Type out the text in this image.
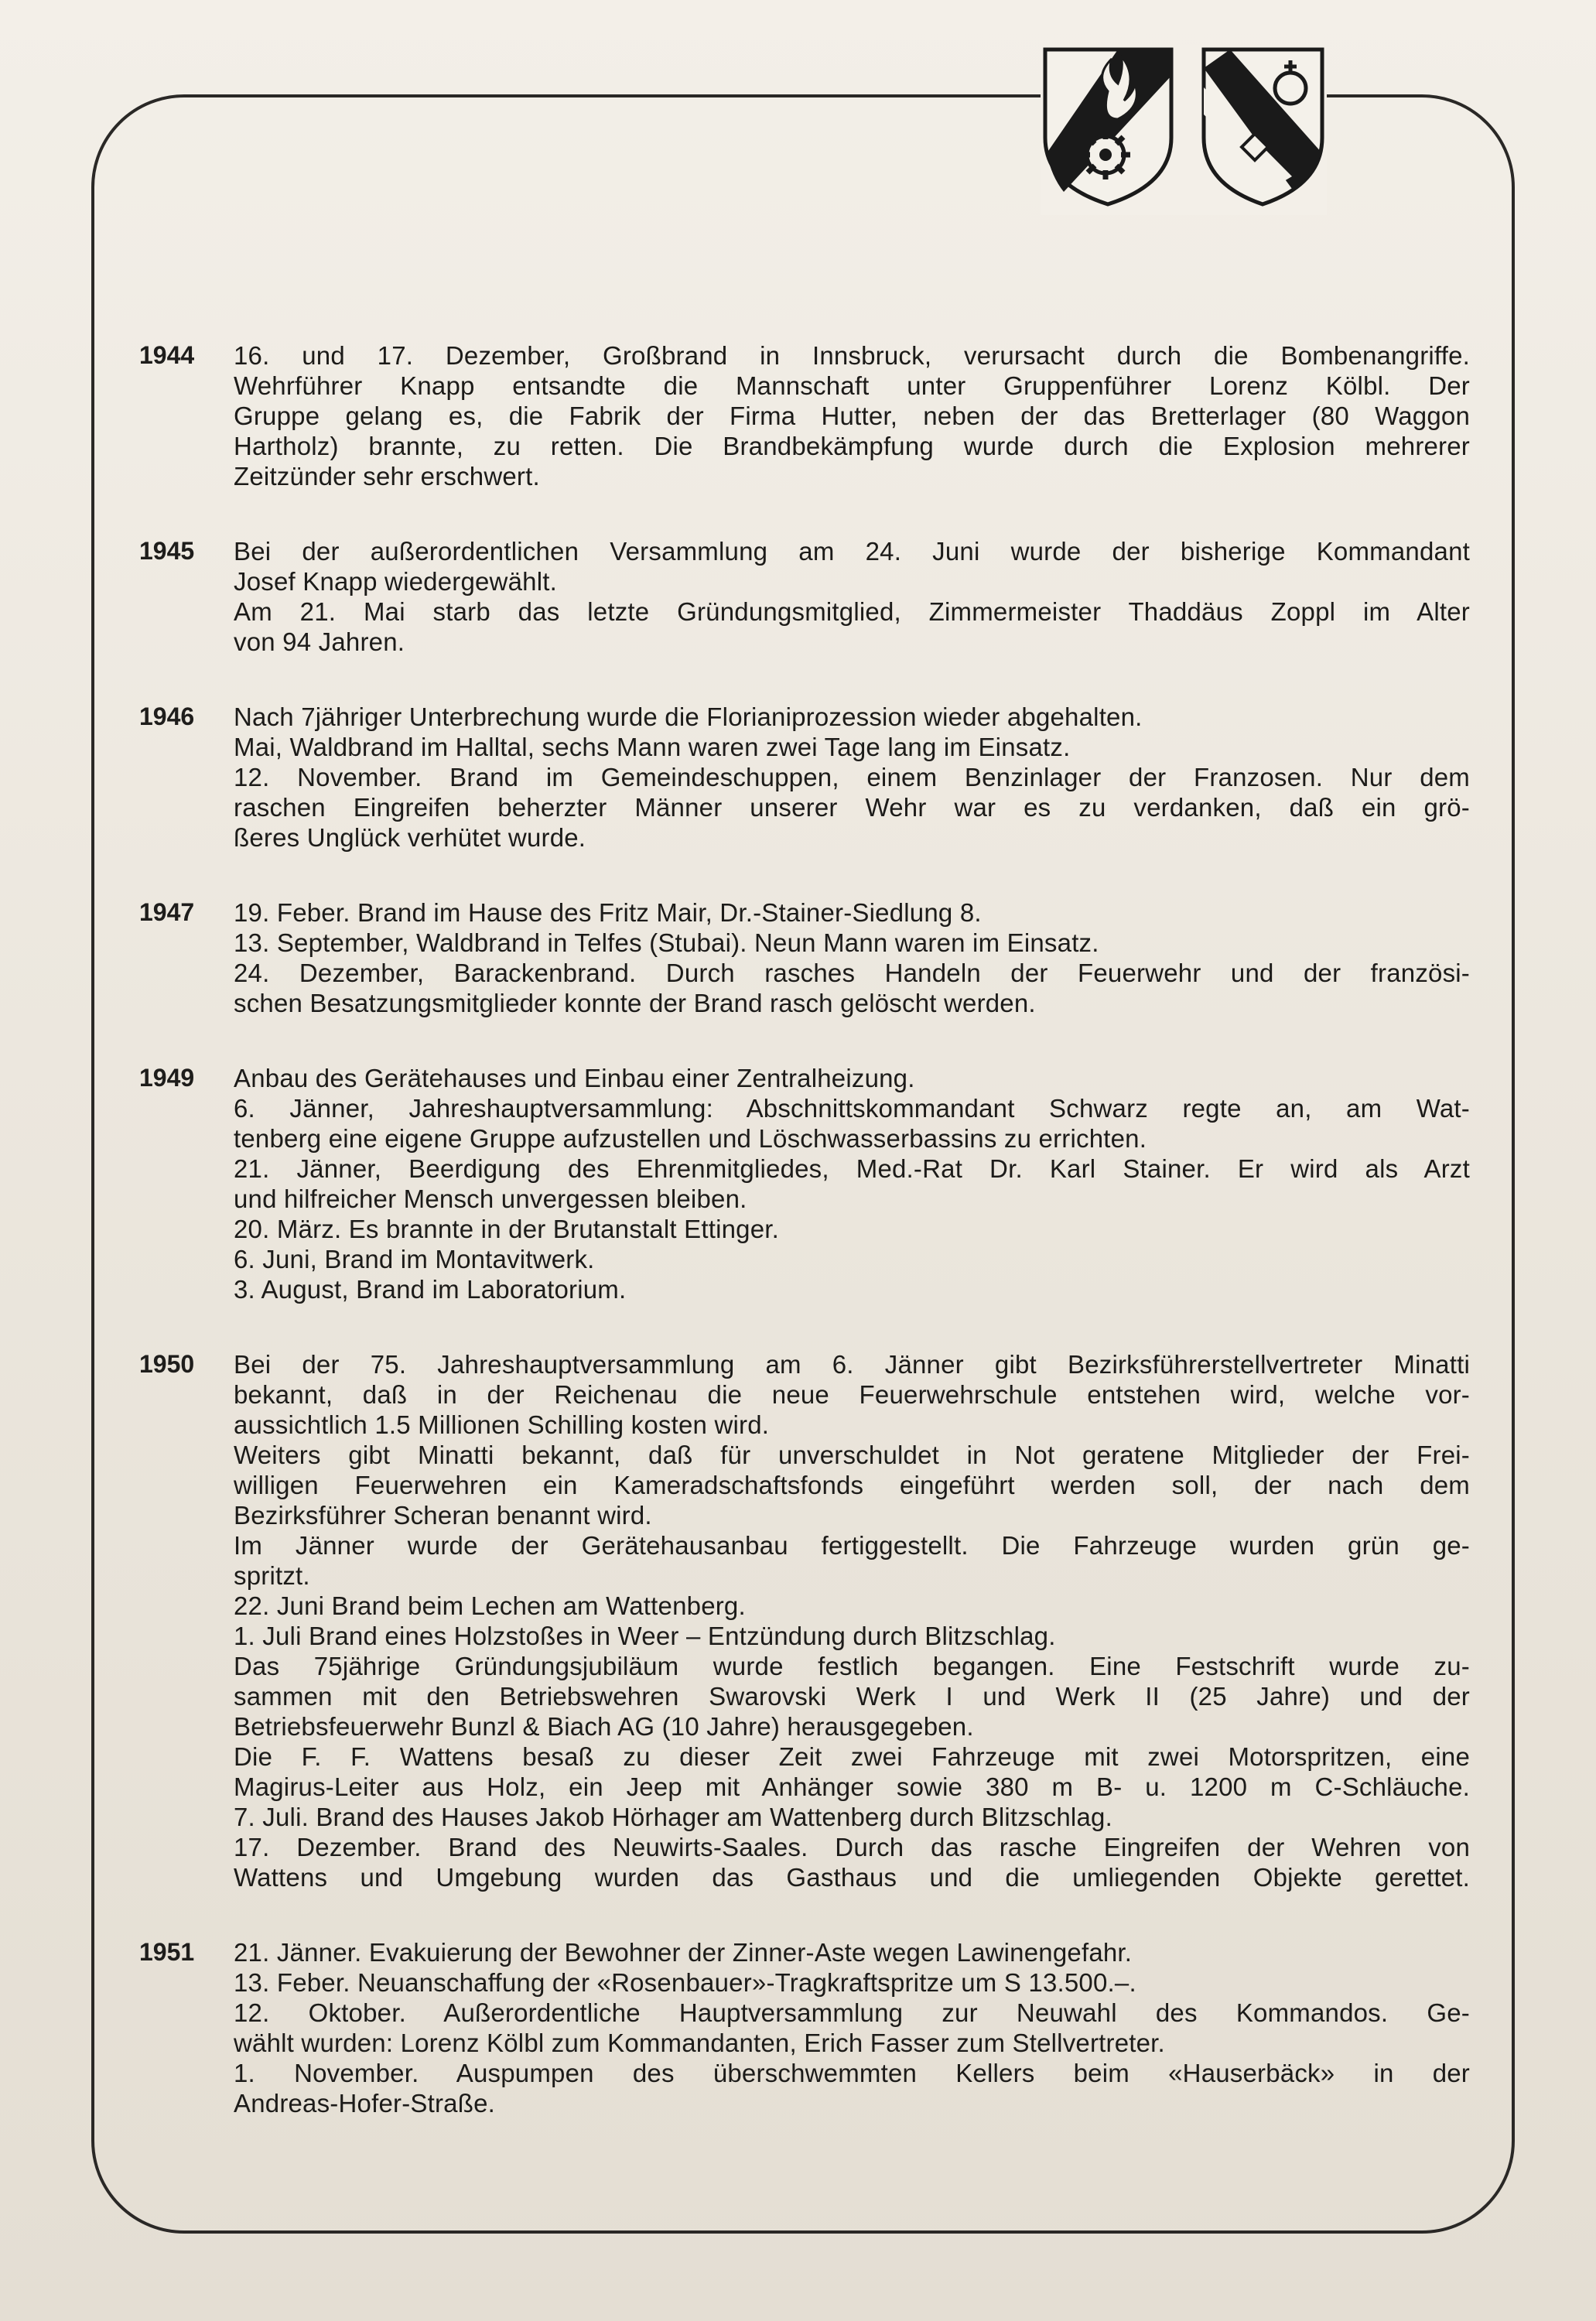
1944	16. und 17. Dezember, Großbrand in Innsbruck, verursacht durch die Bombenangriffe.
Wehrführer Knapp entsandte die Mannschaft unter Gruppenführer Lorenz Kölbl. Der
Gruppe gelang es, die Fabrik der Firma Hutter, neben der das Bretterlager (80 Waggon
Hartholz) brannte, zu retten. Die Brandbekämpfung wurde durch die Explosion mehrerer
Zeitzünder sehr erschwert.
1945	Bei der außerordentlichen Versammlung am 24. Juni wurde der bisherige Kommandant
Josef Knapp wiedergewählt.
Am 21. Mai starb das letzte Gründungsmitglied, Zimmermeister Thaddäus Zoppl im Alter
von 94 Jahren.
1946	Nach 7jähriger Unterbrechung wurde die Florianiprozession wieder abgehalten.
Mai, Waldbrand im Halltal, sechs Mann waren zwei Tage lang im Einsatz.
12. November. Brand im Gemeindeschuppen, einem Benzinlager der Franzosen. Nur dem
raschen Eingreifen beherzter Männer unserer Wehr war es zu verdanken, daß ein grö-
ßeres Unglück verhütet wurde.
1947	19. Feber. Brand im Hause des Fritz Mair, Dr.-Stainer-Siedlung 8.
13. September, Waldbrand in Telfes (Stubai). Neun Mann waren im Einsatz.
24. Dezember, Barackenbrand. Durch rasches Handeln der Feuerwehr und der französi-
schen Besatzungsmitglieder konnte der Brand rasch gelöscht werden.
1949	Anbau des Gerätehauses und Einbau einer Zentralheizung.
6. Jänner, Jahreshauptversammlung: Abschnittskommandant Schwarz regte an, am Wat-
tenberg eine eigene Gruppe aufzustellen und Löschwasserbassins zu errichten.
21. Jänner, Beerdigung des Ehrenmitgliedes, Med.-Rat Dr. Karl Stainer. Er wird als Arzt
und hilfreicher Mensch unvergessen bleiben.
20. März. Es brannte in der Brutanstalt Ettinger.
6. Juni, Brand im Montavitwerk.
3. August, Brand im Laboratorium.
1950	Bei der 75. Jahreshauptversammlung am 6. Jänner gibt Bezirksführerstellvertreter Minatti
bekannt, daß in der Reichenau die neue Feuerwehrschule entstehen wird, welche vor-
aussichtlich 1.5 Millionen Schilling kosten wird.
Weiters gibt Minatti bekannt, daß für unverschuldet in Not geratene Mitglieder der Frei-
willigen Feuerwehren ein Kameradschaftsfonds eingeführt werden soll, der nach dem
Bezirksführer Scheran benannt wird.
Im Jänner wurde der Gerätehausanbau fertiggestellt. Die Fahrzeuge wurden grün ge-
spritzt.
22. Juni Brand beim Lechen am Wattenberg.
1. Juli Brand eines Holzstoßes in Weer – Entzündung durch Blitzschlag.
Das 75jährige Gründungsjubiläum wurde festlich begangen. Eine Festschrift wurde zu-
sammen mit den Betriebswehren Swarovski Werk I und Werk II (25 Jahre) und der
Betriebsfeuerwehr Bunzl & Biach AG (10 Jahre) herausgegeben.
Die F. F. Wattens besaß zu dieser Zeit zwei Fahrzeuge mit zwei Motorspritzen, eine
Magirus-Leiter aus Holz, ein Jeep mit Anhänger sowie 380 m B- u. 1200 m C-Schläuche.
7. Juli. Brand des Hauses Jakob Hörhager am Wattenberg durch Blitzschlag.
17. Dezember. Brand des Neuwirts-Saales. Durch das rasche Eingreifen der Wehren von
Wattens und Umgebung wurden das Gasthaus und die umliegenden Objekte gerettet.
1951	21. Jänner. Evakuierung der Bewohner der Zinner-Aste wegen Lawinengefahr.
13. Feber. Neuanschaffung der «Rosenbauer»-Tragkraftspritze um S 13.500.–.
12. Oktober. Außerordentliche Hauptversammlung zur Neuwahl des Kommandos. Ge-
wählt wurden: Lorenz Kölbl zum Kommandanten, Erich Fasser zum Stellvertreter.
1. November. Auspumpen des überschwemmten Kellers beim «Hauserbäck» in der
Andreas-Hofer-Straße.
